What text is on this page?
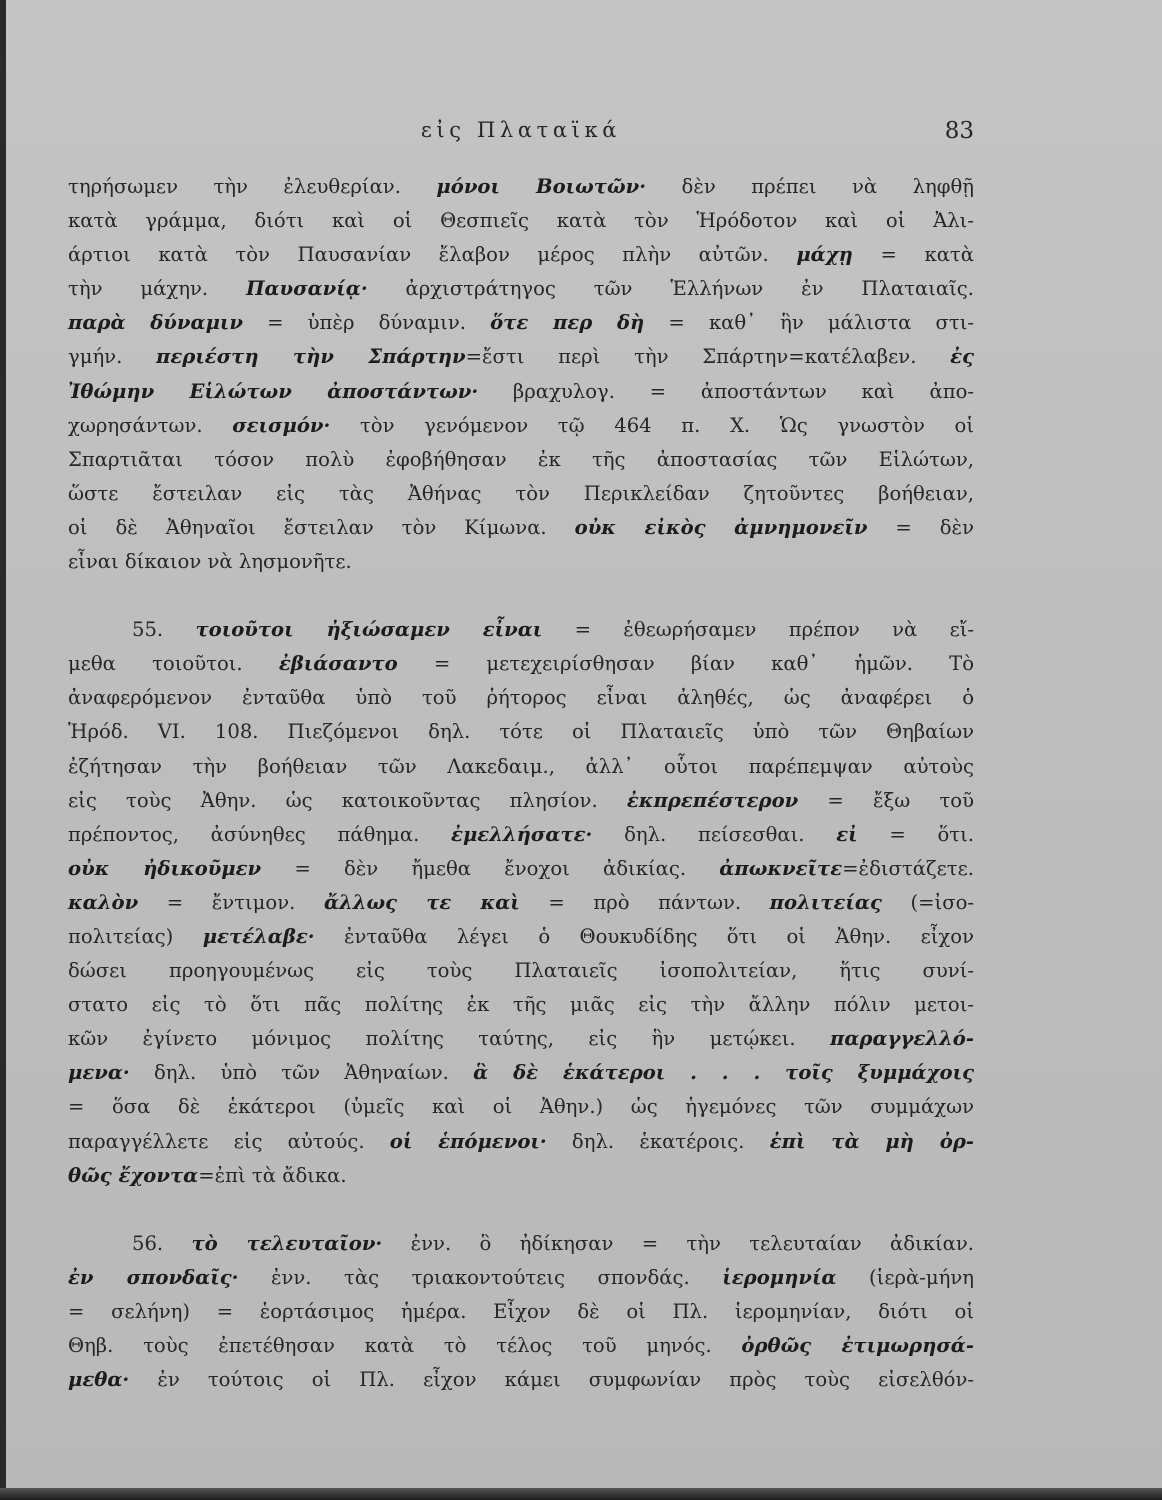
εἰς Πλαταϊκά	83
τηρήσωμεν τὴν ἐλευθερίαν. μόνοι Βοιωτῶν· δὲν πρέπει νὰ ληφθῇ
κατὰ γράμμα, διότι καὶ οἱ Θεσπιεῖς κατὰ τὸν Ἡρόδοτον καὶ οἱ Ἀλι-
άρτιοι κατὰ τὸν Παυσανίαν ἔλαβον μέρος πλὴν αὐτῶν. μάχῃ = κατὰ
τὴν μάχην. Παυσανίᾳ· ἀρχιστράτηγος τῶν Ἑλλήνων ἐν Πλαταιαῖς.
παρὰ δύναμιν = ὑπὲρ δύναμιν. ὅτε περ δὴ = καθ᾽ ἣν μάλιστα στι-
γμήν. περιέστη τὴν Σπάρτην=ἔστι περὶ τὴν Σπάρτην=κατέλαβεν. ἐς
Ἰθώμην Εἱλώτων ἀποστάντων· βραχυλογ. = ἀποστάντων καὶ ἀπο-
χωρησάντων. σεισμόν· τὸν γενόμενον τῷ 464 π. Χ. Ὡς γνωστὸν οἱ
Σπαρτιᾶται τόσον πολὺ ἐφοβήθησαν ἐκ τῆς ἀποστασίας τῶν Εἱλώτων,
ὥστε ἔστειλαν εἰς τὰς Ἀθήνας τὸν Περικλείδαν ζητοῦντες βοήθειαν,
οἱ δὲ Ἀθηναῖοι ἔστειλαν τὸν Κίμωνα. οὐκ εἰκὸς ἀμνημονεῖν = δὲν
εἶναι δίκαιον νὰ λησμονῆτε.
55. τοιοῦτοι ἠξιώσαμεν εἶναι = ἐθεωρήσαμεν πρέπον νὰ εἴ-
μεθα τοιοῦτοι. ἐβιάσαντο = μετεχειρίσθησαν βίαν καθ᾽ ἡμῶν. Τὸ
ἀναφερόμενον ἐνταῦθα ὑπὸ τοῦ ῥήτορος εἶναι ἀληθές, ὡς ἀναφέρει ὁ
Ἡρόδ. VI. 108. Πιεζόμενοι δηλ. τότε οἱ Πλαταιεῖς ὑπὸ τῶν Θηβαίων
ἐζήτησαν τὴν βοήθειαν τῶν Λακεδαιμ., ἀλλ᾽ οὗτοι παρέπεμψαν αὐτοὺς
εἰς τοὺς Ἀθην. ὡς κατοικοῦντας πλησίον. ἐκπρεπέστερον = ἔξω τοῦ
πρέποντος, ἀσύνηθες πάθημα. ἐμελλήσατε· δηλ. πείσεσθαι. εἰ = ὅτι.
οὐκ ἠδικοῦμεν = δὲν ἤμεθα ἔνοχοι ἀδικίας. ἀπωκνεῖτε=ἐδιστάζετε.
καλὸν = ἔντιμον. ἄλλως τε καὶ = πρὸ πάντων. πολιτείας (=ἰσο-
πολιτείας) μετέλαβε· ἐνταῦθα λέγει ὁ Θουκυδίδης ὅτι οἱ Ἀθην. εἶχον
δώσει προηγουμένως εἰς τοὺς Πλαταιεῖς ἰσοπολιτείαν, ἥτις συνί-
στατο εἰς τὸ ὅτι πᾶς πολίτης ἐκ τῆς μιᾶς εἰς τὴν ἄλλην πόλιν μετοι-
κῶν ἐγίνετο μόνιμος πολίτης ταύτης, εἰς ἣν μετῴκει. παραγγελλό-
μενα· δηλ. ὑπὸ τῶν Ἀθηναίων. ἃ δὲ ἑκάτεροι . . . τοῖς ξυμμάχοις
= ὅσα δὲ ἑκάτεροι (ὑμεῖς καὶ οἱ Ἀθην.) ὡς ἡγεμόνες τῶν συμμάχων
παραγγέλλετε εἰς αὐτούς. οἱ ἑπόμενοι· δηλ. ἑκατέροις. ἐπὶ τὰ μὴ ὀρ-
θῶς ἔχοντα=ἐπὶ τὰ ἄδικα.
56. τὸ τελευταῖον· ἐνν. ὃ ἠδίκησαν = τὴν τελευταίαν ἀδικίαν.
ἐν σπονδαῖς· ἐνν. τὰς τριακοντούτεις σπονδάς. ἱερομηνία (ἱερὰ-μήνη
= σελήνη) = ἑορτάσιμος ἡμέρα. Εἶχον δὲ οἱ Πλ. ἱερομηνίαν, διότι οἱ
Θηβ. τοὺς ἐπετέθησαν κατὰ τὸ τέλος τοῦ μηνός. ὀρθῶς ἐτιμωρησά-
μεθα· ἐν τούτοις οἱ Πλ. εἶχον κάμει συμφωνίαν πρὸς τοὺς εἰσελθόν-
